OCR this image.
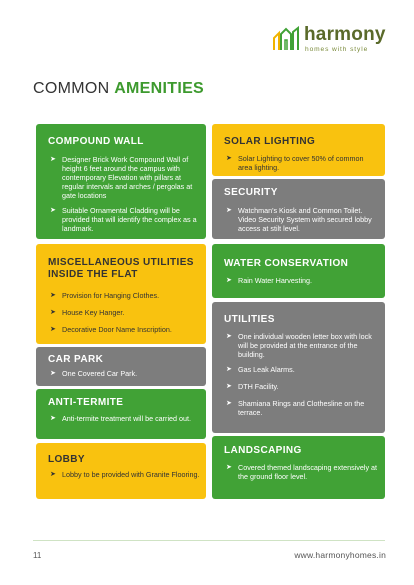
harmony
homes with style
COMMON AMENITIES
COMPOUND WALL
➤ Designer Brick Work Compound Wall of height 6 feet around the campus with contemporary Elevation with pillars at regular intervals and arches / pergolas at gate locations
➤ Suitable Ornamental Cladding will be provided that will identify the complex as a landmark.
SOLAR LIGHTING
➤ Solar Lighting to cover 50% of common area lighting.
SECURITY
➤ Watchman's Kiosk and Common Toilet. Video Security System with secured lobby access at stilt level.
MISCELLANEOUS UTILITIES INSIDE THE FLAT
➤ Provision for Hanging Clothes.
➤ House Key Hanger.
➤ Decorative Door Name Inscription.
WATER CONSERVATION
➤ Rain Water Harvesting.
UTILITIES
➤ One individual wooden letter box with lock will be provided at the entrance of the building.
➤ Gas Leak Alarms.
➤ DTH Facility.
➤ Shamiana Rings and Clothesline on the terrace.
CAR PARK
➤ One Covered Car Park.
ANTI-TERMITE
➤ Anti-termite treatment will be carried out.
LOBBY
➤ Lobby to be provided with Granite Flooring.
LANDSCAPING
➤ Covered themed landscaping extensively at the ground floor level.
11	www.harmonyhomes.in
